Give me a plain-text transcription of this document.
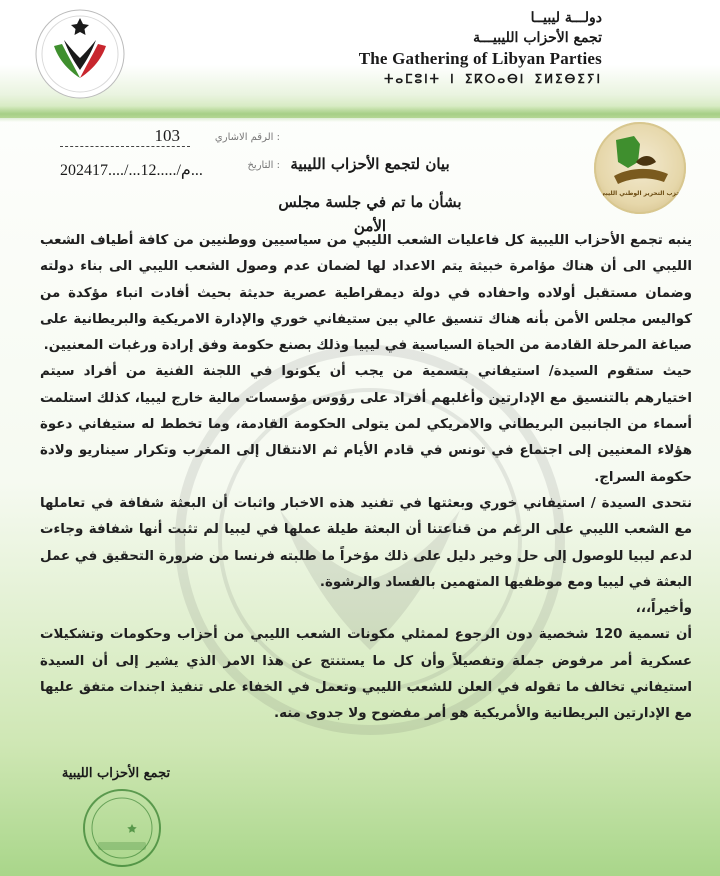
دولـــة ليبيــا
تجمع الأحزاب الليبيـــة
The Gathering of Libyan Parties
ⵜⴰⵎⵓⵏⵜ ⵏ ⵉⴽⵔⴰⴱⵏ ⵉⵍⵉⴱⵉⵢⵏ
الرقم الاشاري :
103
التاريخ :
2024م/.....12.../....17...	بيان لتجمع الأحزاب الليبية
بشأن ما تم في جلسة مجلس الأمن
حزب التحرير الوطني الليبي

ينبه تجمع الأحزاب الليبية كل فاعليات الشعب الليبي من سياسيين ووطنيين من كافة أطياف الشعب الليبي الى أن هناك مؤامرة خبيثة يتم الاعداد لها لضمان عدم وصول الشعب الليبي الى بناء دولته وضمان مستقبل أولاده واحفاده في دولة ديمقراطية عصرية حديثة بحيث أفادت انباء مؤكدة من كواليس مجلس الأمن بأنه هناك تنسيق عالي بين ستيفاني خوري والإدارة الامريكية والبريطانية على صياغة المرحلة القادمة من الحياة السياسية في ليبيا وذلك بصنع حكومة وفق إرادة ورغبات المعنيين.

حيث ستقوم السيدة/ استيفاني بتسمية من يجب أن يكونوا في اللجنة الفنية من أفراد سيتم اختيارهم بالتنسيق مع الإدارتين وأغلبهم أفراد على رؤوس مؤسسات مالية خارج ليبيا، كذلك استلمت أسماء من الجانبين البريطاني والامريكي لمن يتولى الحكومة القادمة، وما تخطط له ستيفاني دعوة هؤلاء المعنيين إلى اجتماع في تونس في قادم الأيام ثم الانتقال إلى المغرب وتكرار سيناريو ولادة حكومة السراج.

نتحدى السيدة / استيفاني خوري وبعثتها في تفنيد هذه الاخبار واثبات أن البعثة شفافة في تعاملها مع الشعب الليبي على الرغم من قناعتنا أن البعثة طيلة عملها في ليبيا لم تثبت أنها شفافة وجاءت لدعم ليبيا للوصول إلى حل وخير دليل على ذلك مؤخراً ما طلبته فرنسا من ضرورة التحقيق في عمل البعثة في ليبيا ومع موظفيها المتهمين بالفساد والرشوة.

وأخيراً،،،

أن تسمية 120 شخصية دون الرجوع لممثلي مكونات الشعب الليبي من أحزاب وحكومات وتشكيلات عسكرية أمر مرفوض جملة وتفصيلاً وأن كل ما يستنتج عن هذا الامر الذي يشير إلى أن السيدة استيفاني تخالف ما تقوله في العلن للشعب الليبي وتعمل في الخفاء على تنفيذ اجندات متفق عليها مع الإدارتين البريطانية والأمريكية هو أمر مفضوح ولا جدوى منه.

تجمع الأحزاب الليبية
